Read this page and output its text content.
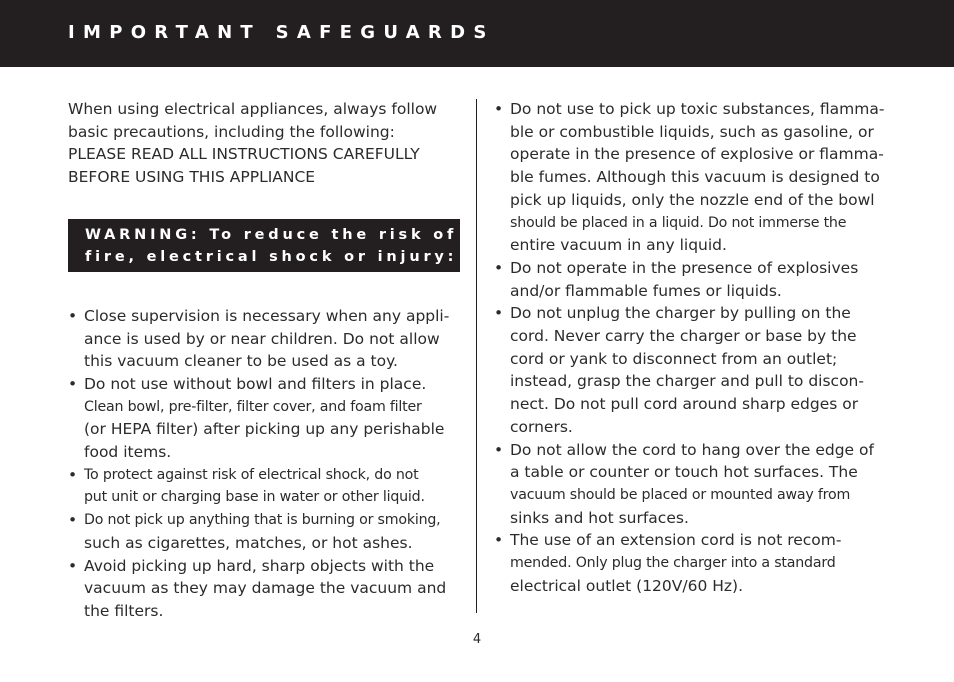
IMPORTANT SAFEGUARDS
When using electrical appliances, always follow
basic precautions, including the following:
PLEASE READ ALL INSTRUCTIONS CAREFULLY
BEFORE USING THIS APPLIANCE
WARNING: To reduce the risk of
fire, electrical shock or injury:
• Close supervision is necessary when any appli-
ance is used by or near children. Do not allow
this vacuum cleaner to be used as a toy.
• Do not use without bowl and filters in place.
Clean bowl, pre-filter, filter cover, and foam filter
(or HEPA filter) after picking up any perishable
food items.
• To protect against risk of electrical shock, do not
put unit or charging base in water or other liquid.
• Do not pick up anything that is burning or smoking,
such as cigarettes, matches, or hot ashes.
• Avoid picking up hard, sharp objects with the
vacuum as they may damage the vacuum and
the filters.
• Do not use to pick up toxic substances, flamma-
ble or combustible liquids, such as gasoline, or
operate in the presence of explosive or flamma-
ble fumes. Although this vacuum is designed to
pick up liquids, only the nozzle end of the bowl
should be placed in a liquid. Do not immerse the
entire vacuum in any liquid.
• Do not operate in the presence of explosives
and/or flammable fumes or liquids.
• Do not unplug the charger by pulling on the
cord. Never carry the charger or base by the
cord or yank to disconnect from an outlet;
instead, grasp the charger and pull to discon-
nect. Do not pull cord around sharp edges or
corners.
• Do not allow the cord to hang over the edge of
a table or counter or touch hot surfaces. The
vacuum should be placed or mounted away from
sinks and hot surfaces.
• The use of an extension cord is not recom-
mended. Only plug the charger into a standard
electrical outlet (120V/60 Hz).
4
